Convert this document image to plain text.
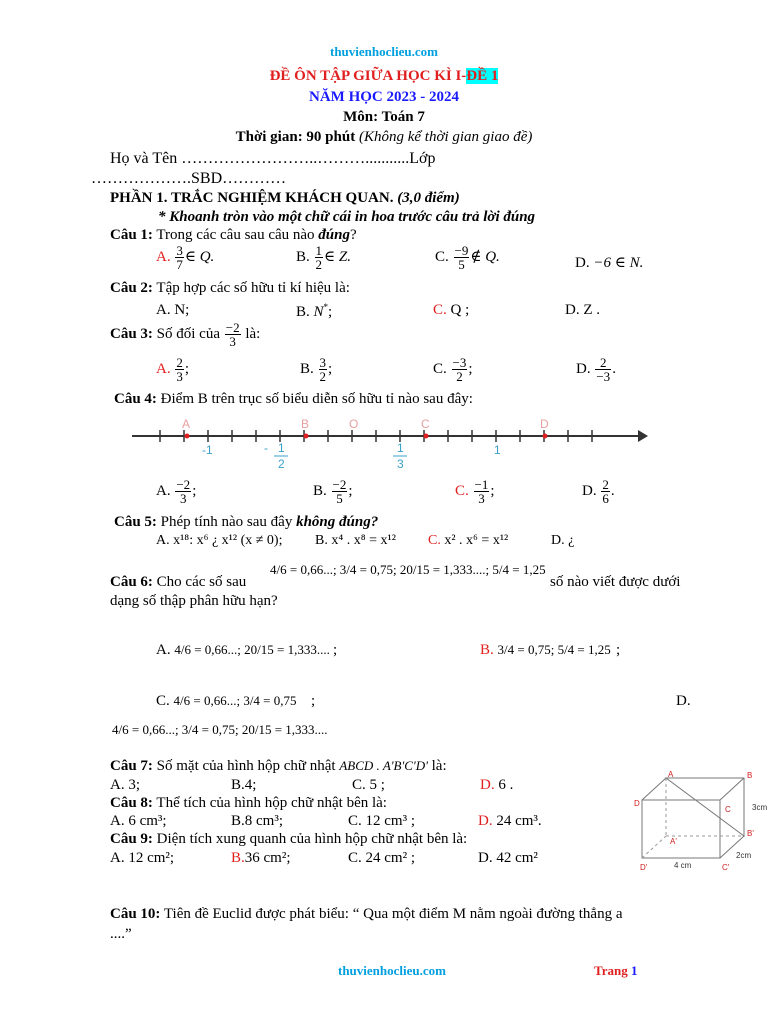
thuvienhoclieu.com
ĐỀ ÔN TẬP GIỮA HỌC KÌ I-ĐỀ 1
NĂM HỌC 2023 - 2024
Môn: Toán 7
Thời gian: 90 phút (Không kể thời gian giao đề)
Họ và Tên ……………………..………...........Lớp
……………….SBD…………
PHẦN 1. TRẮC NGHIỆM KHÁCH QUAN. (3,0 điểm)
* Khoanh tròn vào một chữ cái in hoa trước câu trả lời đúng
Câu 1: Trong các câu sau câu nào đúng?
A. $\frac{3}{7}$ ∈ Q.	B. $\frac{1}{2}$ ∈ Z.	C. $\frac{-9}{5}$ ∉ Q.	D. −6 ∈ N.
Câu 2: Tập hợp các số hữu tỉ kí hiệu là:
A. N;	B. N*;	C. Q ;	D. Z .
Câu 3: Số đối của $\frac{-2}{3}$ là:
A. $\frac{2}{3}$ ;	B. $\frac{3}{2}$ ;	C. $\frac{-3}{2}$ ;	D. $\frac{2}{-3}$ .
Câu 4: Điểm B trên trục số biểu diễn số hữu tỉ nào sau đây:
A	B	O	C	D
-1	- 1
2
1
3
1
A. $\frac{-2}{3}$ ;	B. $\frac{-2}{5}$ ;	C. $\frac{-1}{3}$ ;	D. $\frac{2}{6}$ .
Câu 5: Phép tính nào sau đây không đúng?
A. x¹⁸: x⁶ ¿ x¹² (x ≠ 0); B. x⁴ . x⁸ = x¹² C. x² . x⁶ = x¹²	D. ¿
Câu 6: Cho các số sau
4/6 = 0,66...; 3/4 = 0,75; 20/15 = 1,333....; 5/4 = 1,25
số nào viết được dưới
dạng số thập phân hữu hạn?
A. 4/6 = 0,66...; 20/15 = 1,333.... ;	B. 3/4 = 0,75; 5/4 = 1,25 ;
C. 4/6 = 0,66...; 3/4 = 0,75 ;	D.
4/6 = 0,66...; 3/4 = 0,75; 20/15 = 1,333....
Câu 7: Số mặt của hình hộp chữ nhật ABCD . A'B'C'D' là:
A. 3;	B.4;	C. 5 ;	D. 6 .
Câu 8: Thể tích của hình hộp chữ nhật bên là:
A. 6 cm³;	B.8 cm³;	C. 12 cm³ ;	D. 24 cm³.
Câu 9: Diện tích xung quanh của hình hộp chữ nhật bên là:
A. 12 cm²;	B.36 cm²;	C. 24 cm² ;	D. 42 cm²
A	B
D
C
A'
B'
D'	C'
3cm
2cm
4 cm
Câu 10: Tiên đề Euclid được phát biểu: “ Qua một điểm M nằm ngoài đường thẳng a
....”
thuvienhoclieu.com	Trang 1
